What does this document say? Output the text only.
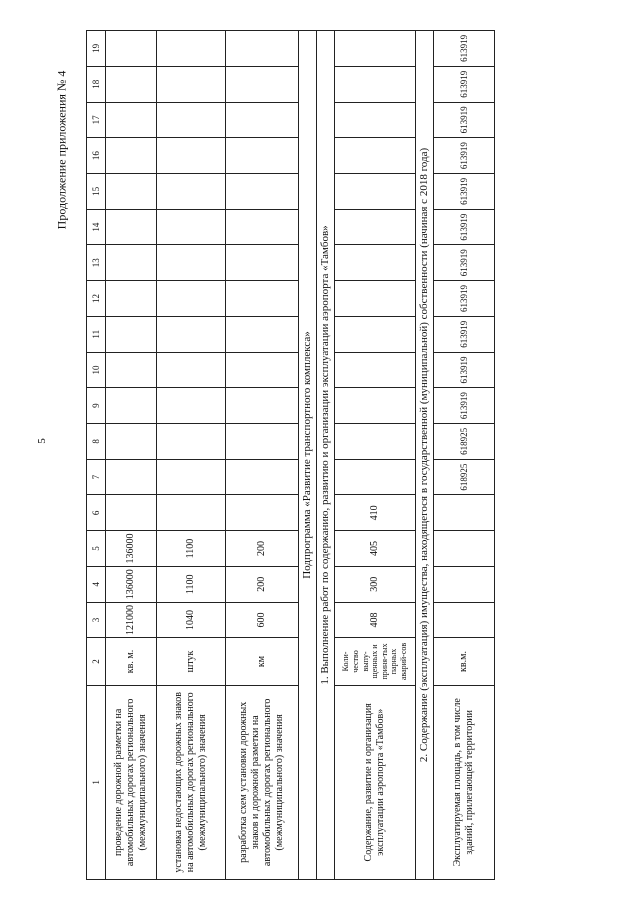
5
Продолжение приложения № 4
1	2	3	4	5	6	7	8	9	10	11	12	13	14	15	16	17	18	19
проведение дорожной разметки на автомобильных дорогах регионального (межмуниципального) значения	кв. м.	121000	136000	136000														
установка недостающих дорожных знаков на автомобильных дорогах регионального (межмуниципального) значения	штук	1040	1100	1100														
разработка схем установки дорожных знаков и дорожной разметки на автомобильных дорогах регионального (межмуниципального) значения	км	600	200	200														
Подпрограмма «Развитие транспортного комплекса»																		
1. Выполнение работ по содержанию, развитию и организации эксплуатации аэропорта «Тамбов»																		
Содержание, развитие и организация эксплуатации аэропорта «Тамбов»	Коли-чество выпу-щенных и приня-тых парных аварий-сов	408	300	405	410													
2. Содержание (эксплуатация) имущества, находящегося в государственной (муниципальной) собственности (начиная с 2018 года)																		
Эксплуатируемая площадь, в том числе зданий, прилегающей территории	кв.м.					618925	618925	613919	613919	613919	613919	613919	613919	613919	613919	613919	613919	613919
